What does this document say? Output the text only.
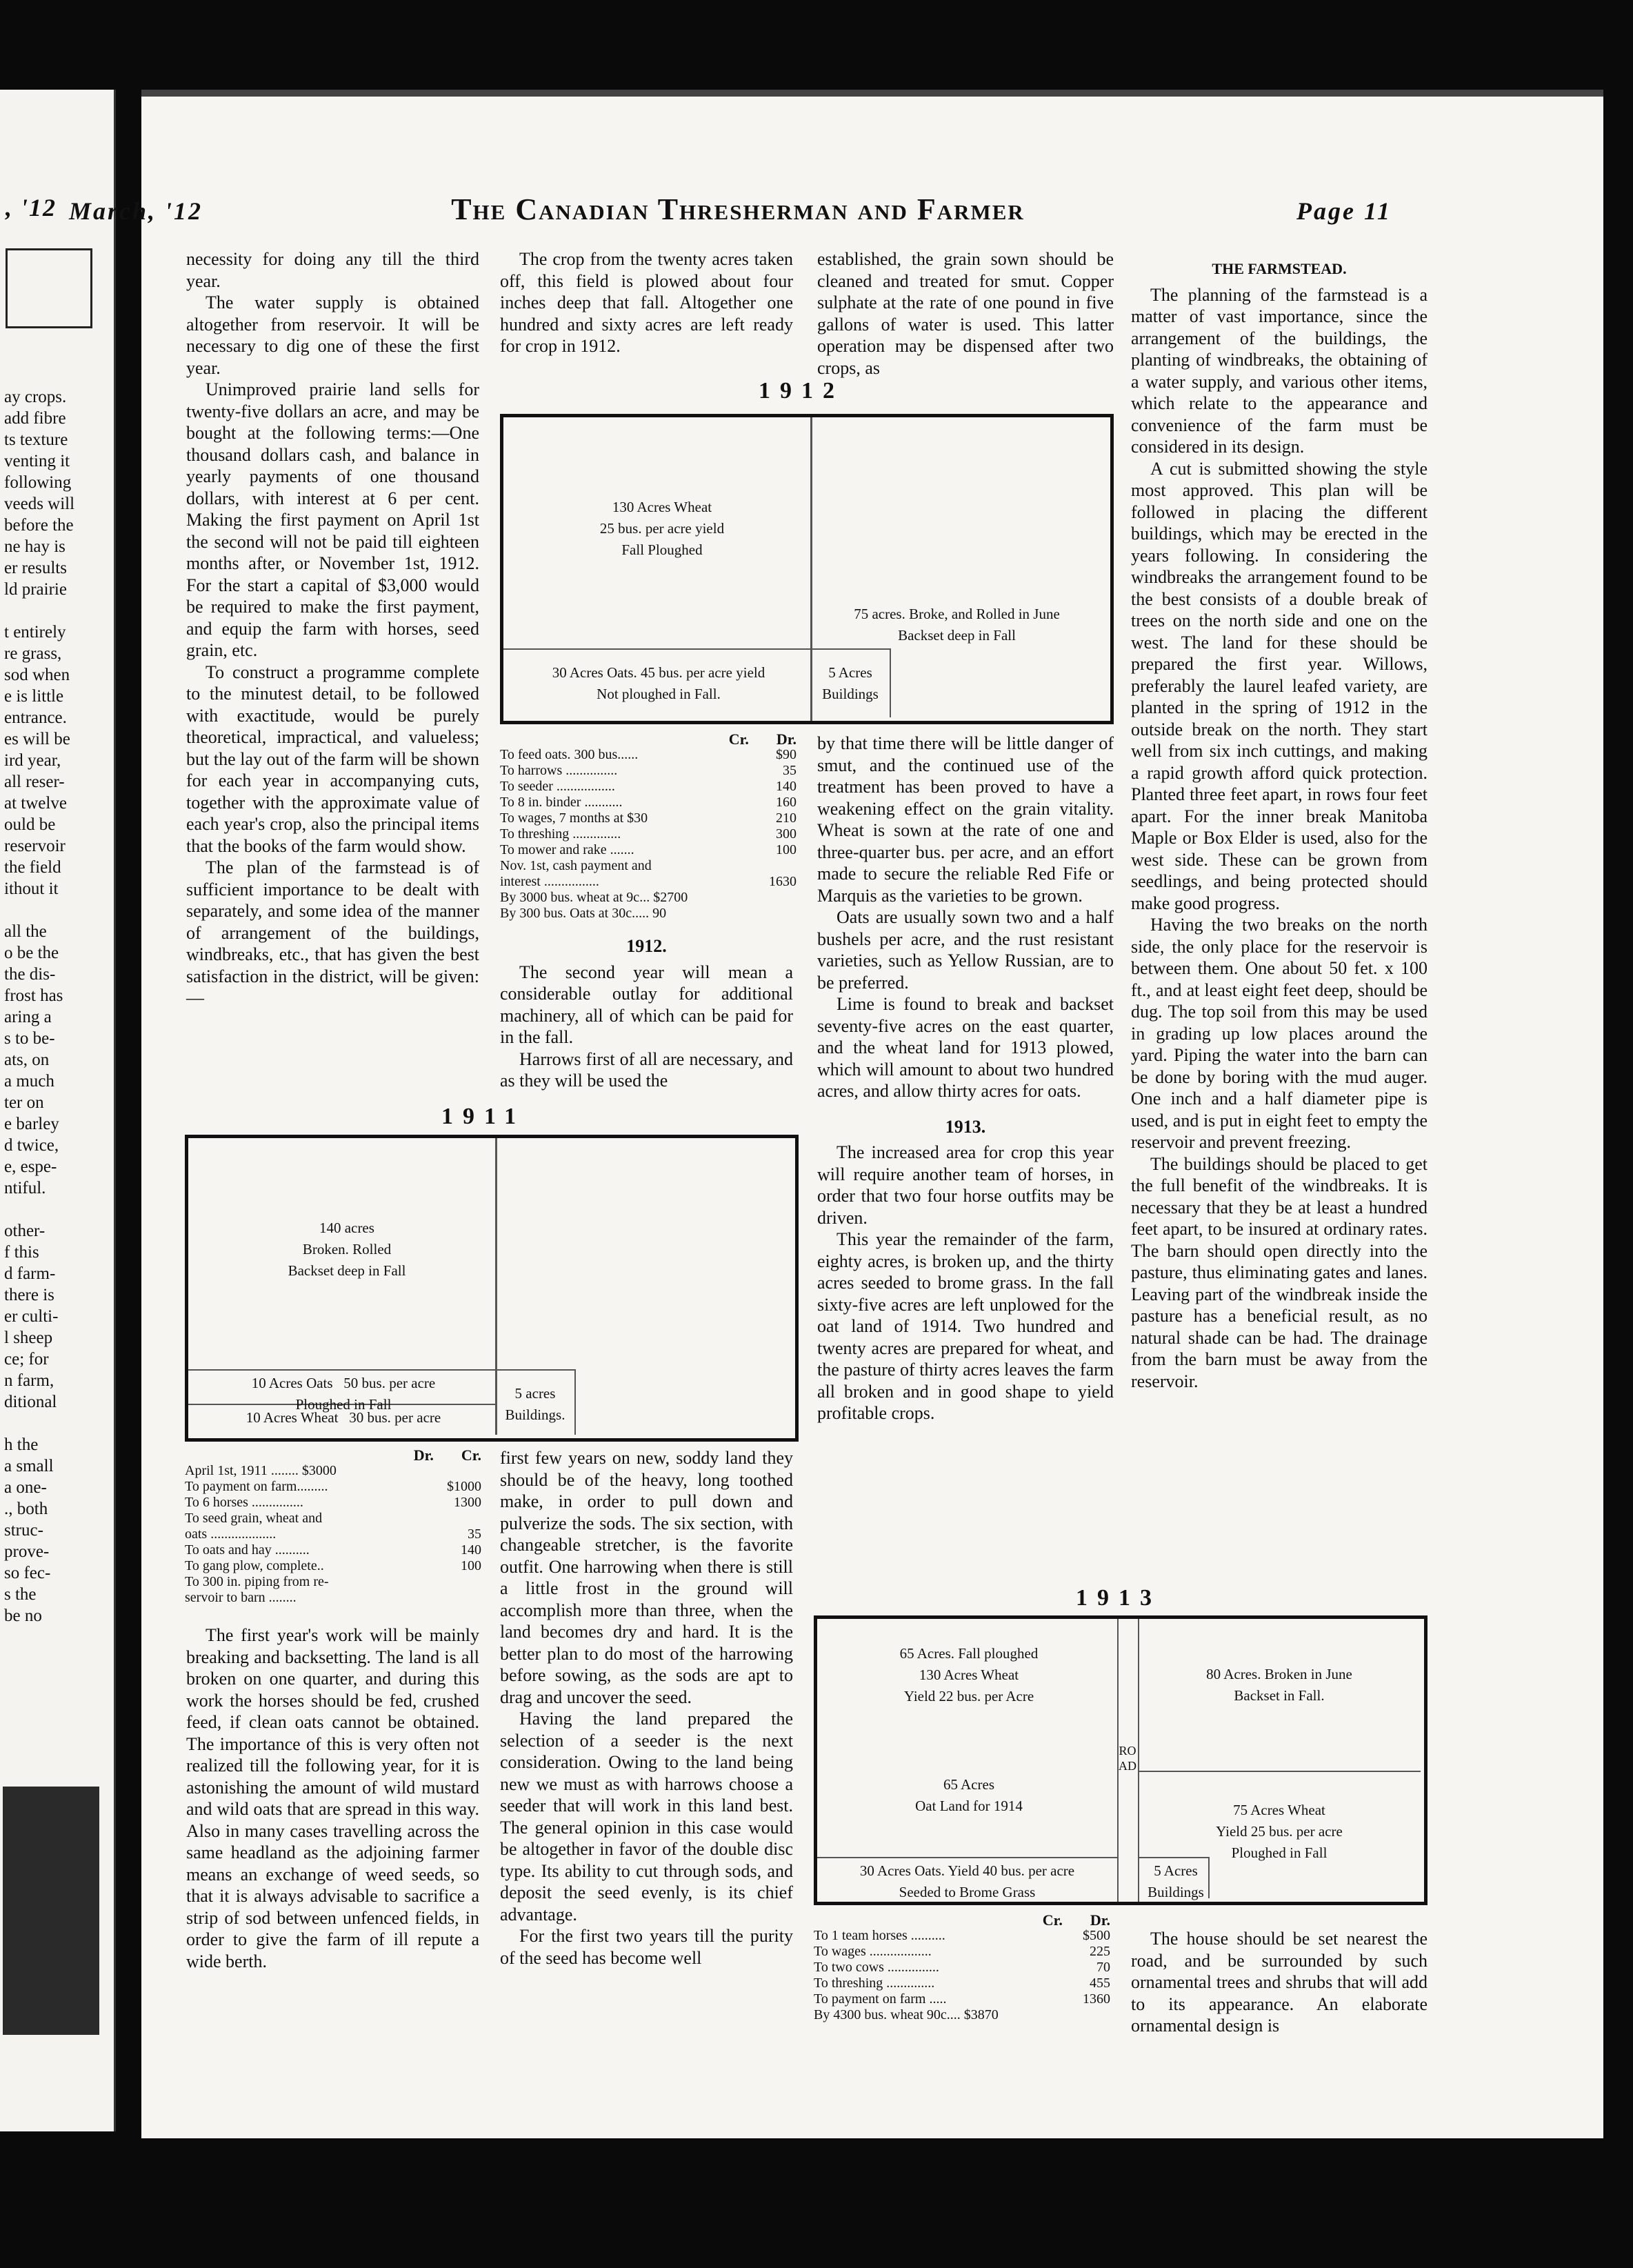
, '12
ay crops.
add fibre
ts texture
venting it
following
veeds will
before the
ne hay is
er results
ld prairie

t entirely
re grass,
sod when
e is little
entrance.
es will be
ird year,
all reser-
at twelve
ould be
reservoir
the field
ithout it

all the
o be the
the dis-
frost has
aring a
s to be-
ats, on
a much
ter on
e barley
d twice,
e, espe-
ntiful.

other-
f this
d farm-
there is
er culti-
l sheep
ce; for
n farm,
ditional

h the
a small
a one-
., both
struc-
prove-
so fec-
s the
be no
March, '12	The Canadian Thresherman and Farmer	Page 11

necessity for doing any till the third year.

The water supply is obtained altogether from reservoir. It will be necessary to dig one of these the first year.

Unimproved prairie land sells for twenty-five dollars an acre, and may be bought at the following terms:—One thousand dollars cash, and balance in yearly payments of one thousand dollars, with interest at 6 per cent. Making the first payment on April 1st the second will not be paid till eighteen months after, or November 1st, 1912. For the start a capital of $3,000 would be required to make the first payment, and equip the farm with horses, seed grain, etc.

To construct a programme complete to the minutest detail, to be followed with exactitude, would be purely theoretical, impractical, and valueless; but the lay out of the farm will be shown for each year in accompanying cuts, together with the approximate value of each year's crop, also the principal items that the books of the farm would show.

The plan of the farmstead is of sufficient importance to be dealt with separately, and some idea of the manner of arrangement of the buildings, windbreaks, etc., that has given the best satisfaction in the district, will be given:—

1911
140 acres
Broken. Rolled
Backset deep in Fall
10 Acres Oats   50 bus. per acre
Ploughed in Fall
10 Acres Wheat   30 bus. per acre
5 acres
Buildings.
Dr. Cr.
April 1st, 1911 ........ $3000
To payment on farm.........	$1000
To 6 horses ...............	1300
To seed grain, wheat and
oats ...................	35
To oats and hay ..........	140
To gang plow, complete..	100
To 300 in. piping from re-
servoir to barn ........

The first year's work will be mainly breaking and backsetting. The land is all broken on one quarter, and during this work the horses should be fed, crushed feed, if clean oats cannot be obtained. The importance of this is very often not realized till the following year, for it is astonishing the amount of wild mustard and wild oats that are spread in this way. Also in many cases travelling across the same headland as the adjoining farmer means an exchange of weed seeds, so that it is always advisable to sacrifice a strip of sod between unfenced fields, in order to give the farm of ill repute a wide berth.

The crop from the twenty acres taken off, this field is plowed about four inches deep that fall. Altogether one hundred and sixty acres are left ready for crop in 1912.

1912
130 Acres Wheat
25 bus. per acre yield
Fall Ploughed
75 acres. Broke, and Rolled in June
Backset deep in Fall
30 Acres Oats. 45 bus. per acre yield
Not ploughed in Fall.
5 Acres
Buildings
Cr. Dr.
To feed oats. 300 bus......	$90
To harrows ...............	35
To seeder .................	140
To 8 in. binder ...........	160
To wages, 7 months at $30	210
To threshing ..............	300
To mower and rake .......	100
Nov. 1st, cash payment and
interest ................	1630
By 3000 bus. wheat at 9c... $2700
By 300 bus. Oats at 30c..... 90
1912.

The second year will mean a considerable outlay for additional machinery, all of which can be paid for in the fall.

Harrows first of all are necessary, and as they will be used the

first few years on new, soddy land they should be of the heavy, long toothed make, in order to pull down and pulverize the sods. The six section, with changeable stretcher, is the favorite outfit. One harrowing when there is still a little frost in the ground will accomplish more than three, when the land becomes dry and hard. It is the better plan to do most of the harrowing before sowing, as the sods are apt to drag and uncover the seed.

Having the land prepared the selection of a seeder is the next consideration. Owing to the land being new we must as with harrows choose a seeder that will work in this land best. The general opinion in this case would be altogether in favor of the double disc type. Its ability to cut through sods, and deposit the seed evenly, is its chief advantage.

For the first two years till the purity of the seed has become well

established, the grain sown should be cleaned and treated for smut. Copper sulphate at the rate of one pound in five gallons of water is used. This latter operation may be dispensed after two crops, as

by that time there will be little danger of smut, and the continued use of the treatment has been proved to have a weakening effect on the grain vitality. Wheat is sown at the rate of one and three-quarter bus. per acre, and an effort made to secure the reliable Red Fife or Marquis as the varieties to be grown.

Oats are usually sown two and a half bushels per acre, and the rust resistant varieties, such as Yellow Russian, are to be preferred.

Lime is found to break and backset seventy-five acres on the east quarter, and the wheat land for 1913 plowed, which will amount to about two hundred acres, and allow thirty acres for oats.

1913.

The increased area for crop this year will require another team of horses, in order that two four horse outfits may be driven.

This year the remainder of the farm, eighty acres, is broken up, and the thirty acres seeded to brome grass. In the fall sixty-five acres are left unplowed for the oat land of 1914. Two hundred and twenty acres are prepared for wheat, and the pasture of thirty acres leaves the farm all broken and in good shape to yield profitable crops.

THE FARMSTEAD.

The planning of the farmstead is a matter of vast importance, since the arrangement of the buildings, the planting of windbreaks, the obtaining of a water supply, and various other items, which relate to the appearance and convenience of the farm must be considered in its design.

A cut is submitted showing the style most approved. This plan will be followed in placing the different buildings, which may be erected in the years following. In considering the windbreaks the arrangement found to be the best consists of a double break of trees on the north side and one on the west. The land for these should be prepared the first year. Willows, preferably the laurel leafed variety, are planted in the spring of 1912 in the outside break on the north. They start well from six inch cuttings, and making a rapid growth afford quick protection. Planted three feet apart, in rows four feet apart. For the inner break Manitoba Maple or Box Elder is used, also for the west side. These can be grown from seedlings, and being protected should make good progress.

Having the two breaks on the north side, the only place for the reservoir is between them. One about 50 fet. x 100 ft., and at least eight feet deep, should be dug. The top soil from this may be used in grading up low places around the yard. Piping the water into the barn can be done by boring with the mud auger. One inch and a half diameter pipe is used, and is put in eight feet to empty the reservoir and prevent freezing.

The buildings should be placed to get the full benefit of the windbreaks. It is necessary that they be at least a hundred feet apart, to be insured at ordinary rates. The barn should open directly into the pasture, thus eliminating gates and lanes. Leaving part of the windbreak inside the pasture has a beneficial result, as no natural shade can be had. The drainage from the barn must be away from the reservoir.

1913
65 Acres. Fall ploughed
130 Acres Wheat
Yield 22 bus. per Acre
65 Acres
Oat Land for 1914
30 Acres Oats. Yield 40 bus. per acre
Seeded to Brome Grass
ROAD
80 Acres. Broken in June
Backset in Fall.
75 Acres Wheat
Yield 25 bus. per acre
Ploughed in Fall
5 Acres
Buildings
Cr. Dr.
To 1 team horses ..........	$500
To wages ..................	225
To two cows ...............	70
To threshing ..............	455
To payment on farm .....	1360
By 4300 bus. wheat 90c.... $3870

The house should be set nearest the road, and be surrounded by such ornamental trees and shrubs that will add to its appearance. An elaborate ornamental design is
